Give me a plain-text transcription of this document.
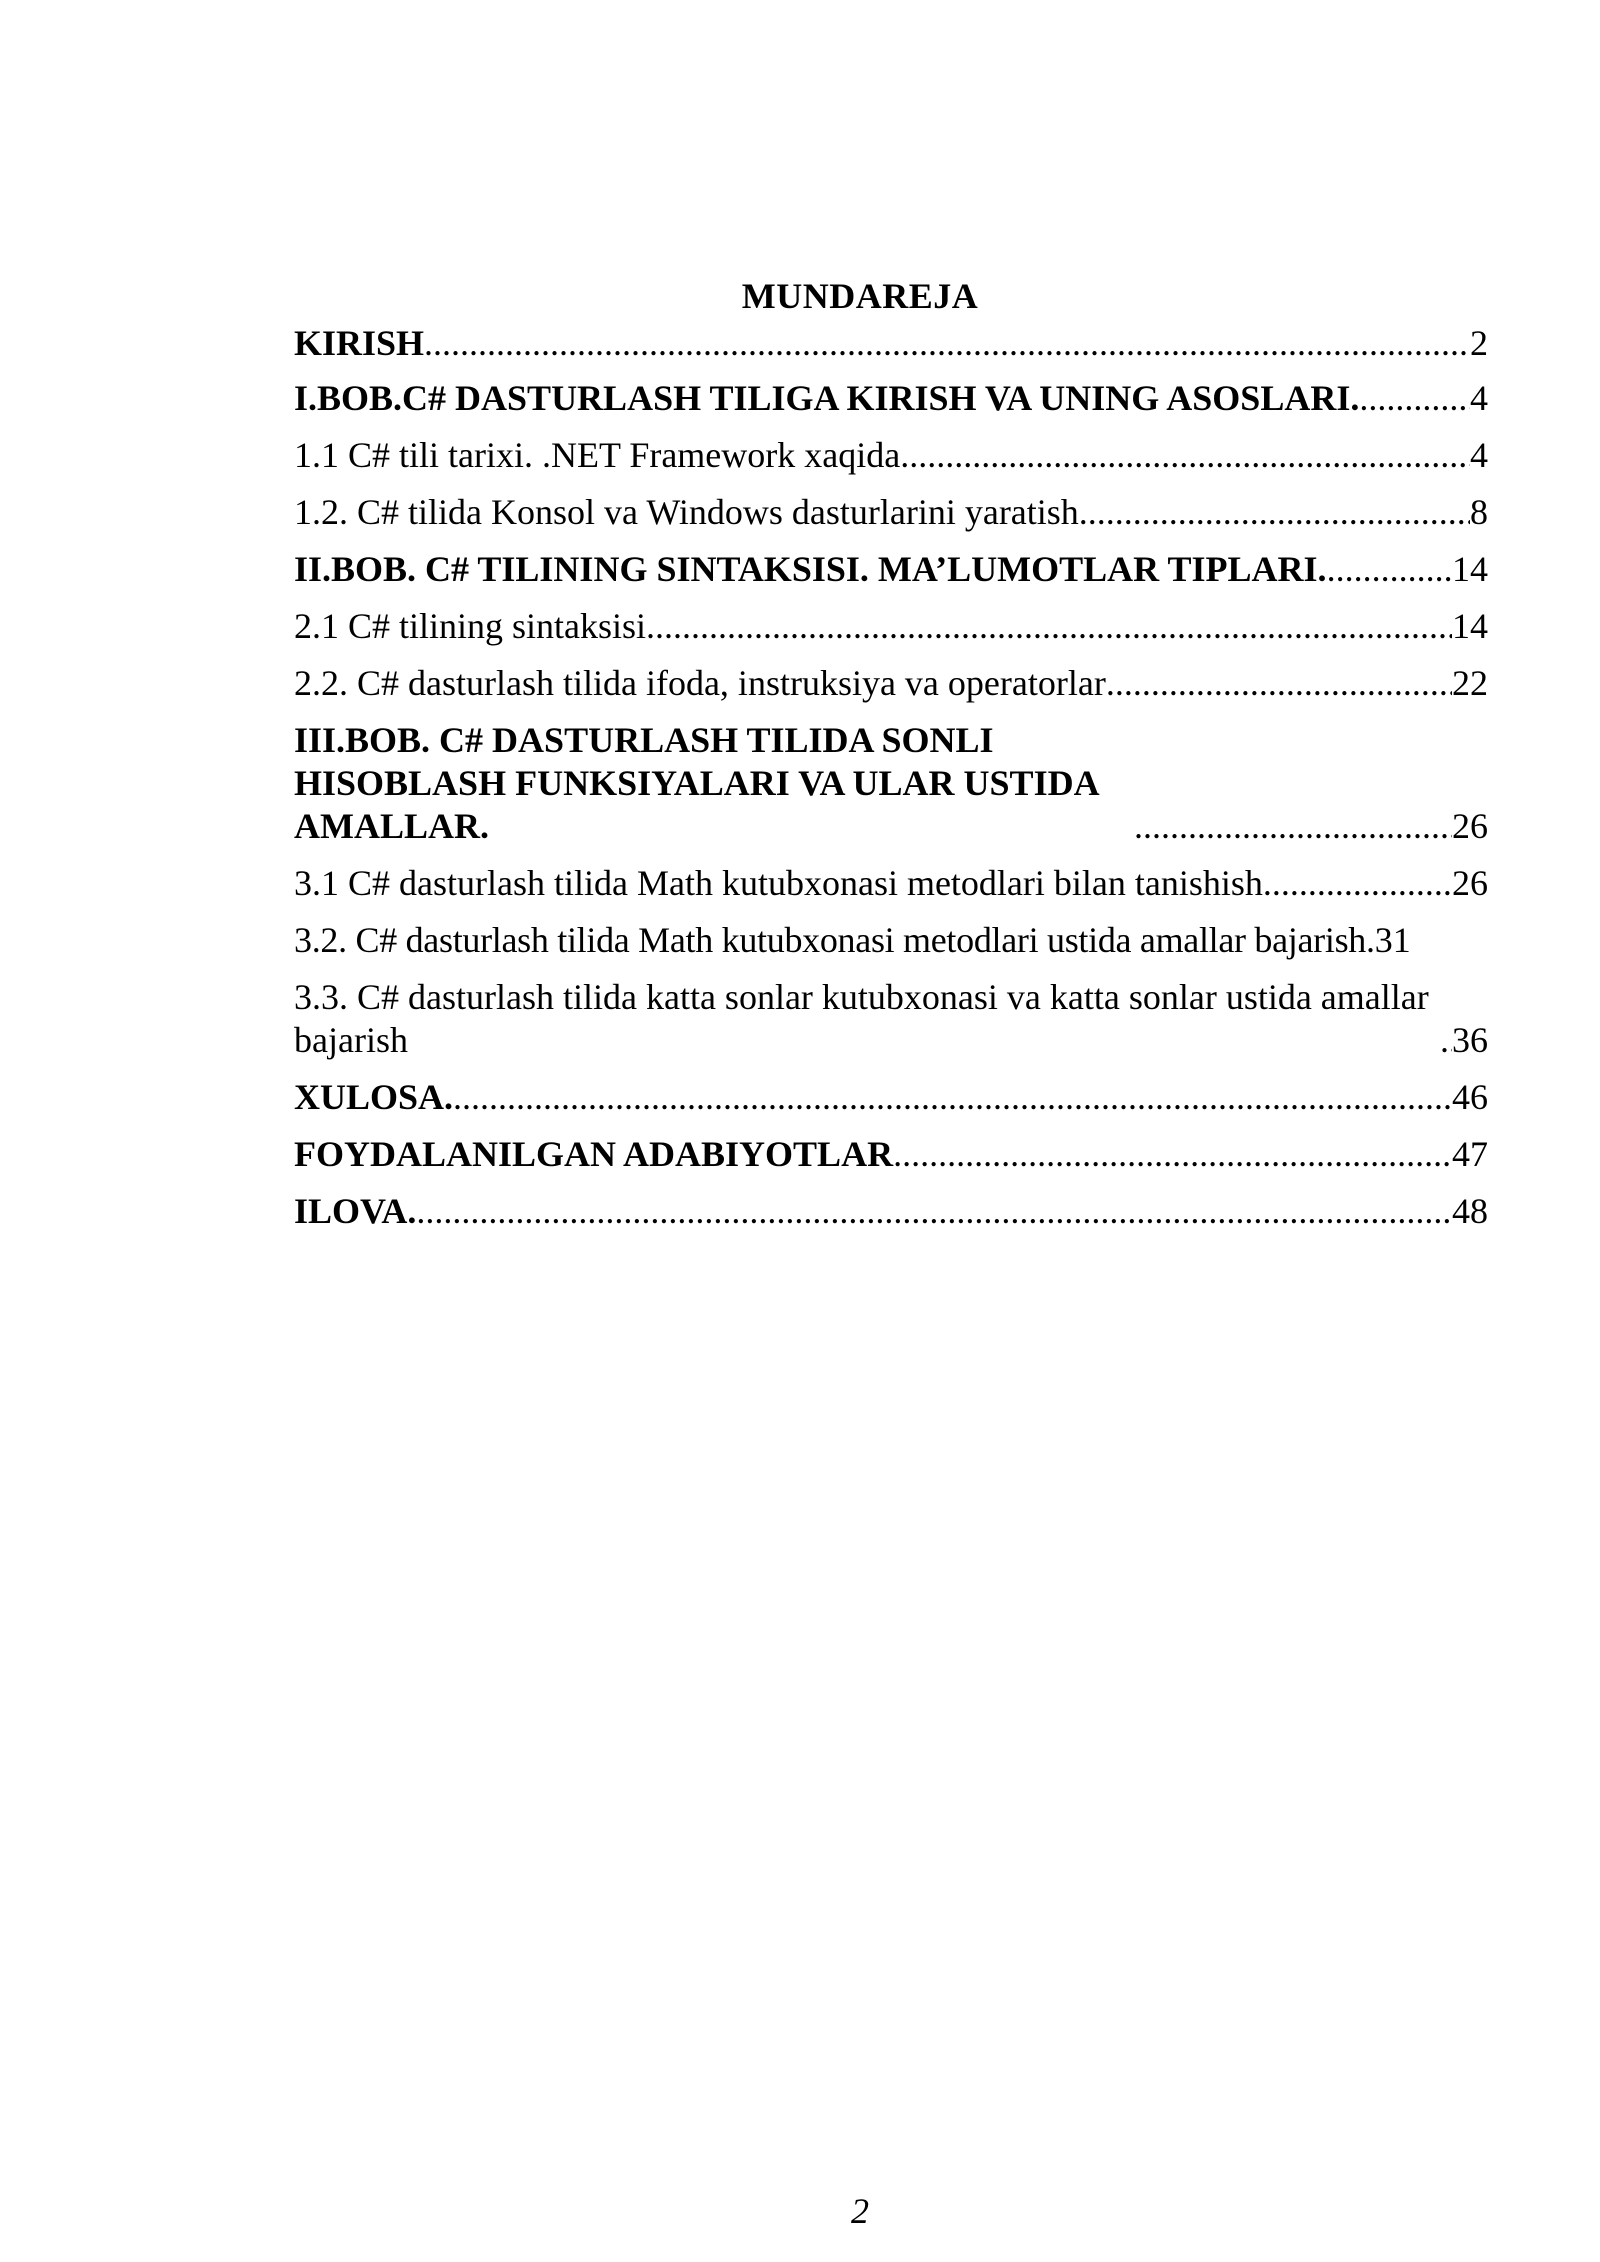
MUNDAREJA
KIRISH .....	2
I.BOB.C# DASTURLASH TILIGA KIRISH VA UNING ASOSLARI. .....	4
1.1 C# tili tarixi. .NET Framework xaqida .....	4
1.2. C# tilida Konsol va Windows dasturlarini yaratish .....	8
II.BOB. C# TILINING SINTAKSISI. MA’LUMOTLAR TIPLARI. .....	14
2.1 C# tilining sintaksisi .....	14
2.2. C# dasturlash tilida ifoda, instruksiya va operatorlar .....	22
III.BOB. C# DASTURLASH TILIDA SONLI HISOBLASH FUNKSIYALARI VA ULAR USTIDA AMALLAR. .....	26
3.1 C# dasturlash tilida Math kutubxonasi metodlari bilan tanishish .....	26
3.2. C# dasturlash tilida Math kutubxonasi metodlari ustida amallar bajarish. 31
3.3. C# dasturlash tilida katta sonlar kutubxonasi va katta sonlar ustida amallar bajarish .....	36
XULOSA. .....	46
FOYDALANILGAN ADABIYOTLAR .....	47
ILOVA. .....	48
2
